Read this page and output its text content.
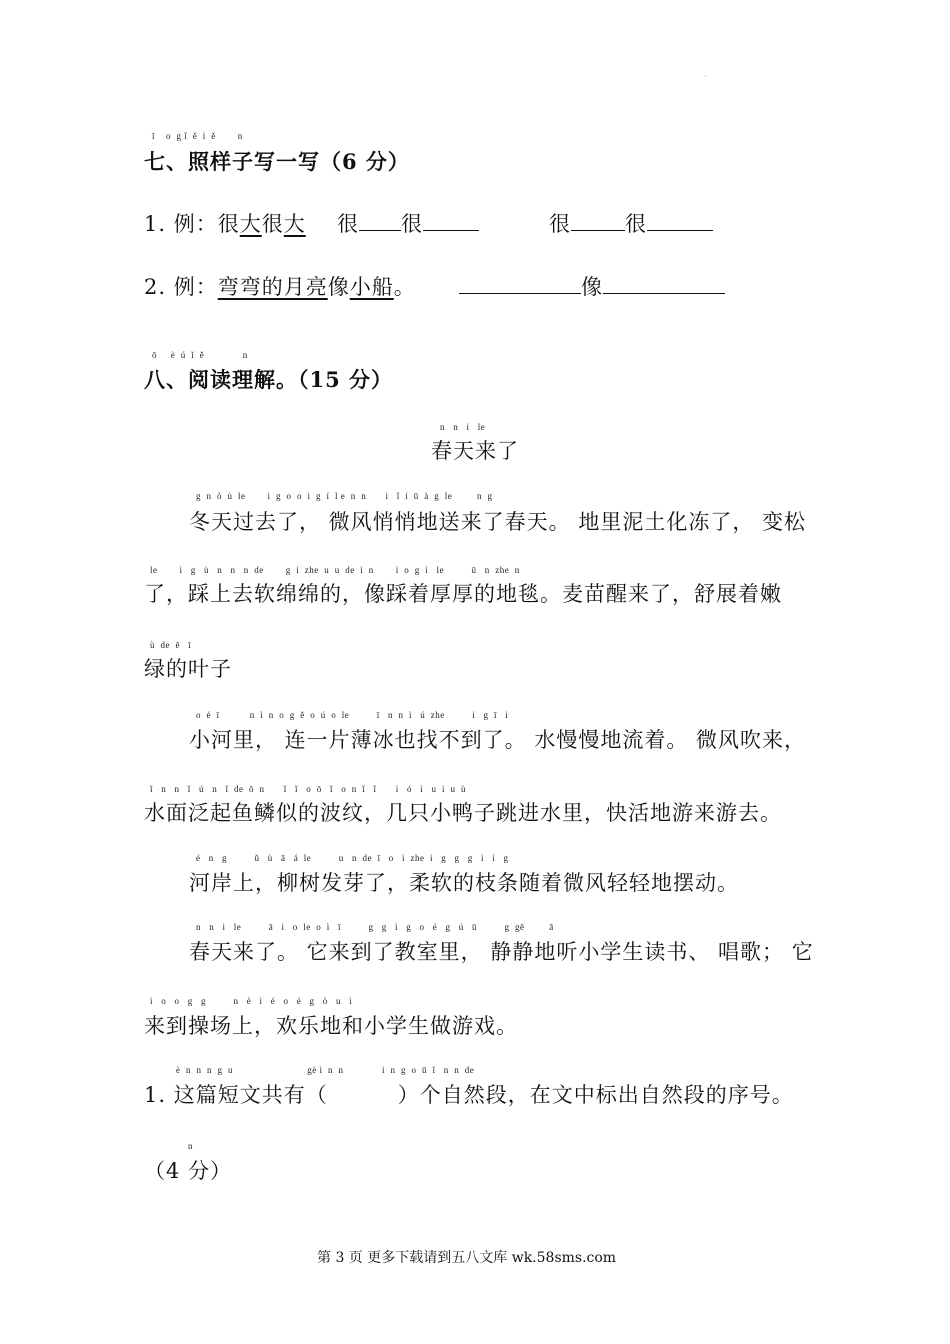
ˇ
ī    o  g ǐ  ě  ì  ě        n
七、照样子写一写（6 分）
1. 例：很大很大 很 很	很	很
2. 例：弯弯的月亮像小船。	像
ō     è  ú  ǐ  ě              n
八、阅读理解。（15 分）
n   n   i   le
春天来了
g  n  ò  ù  le        i  g  o  o  ì  g  í  l e  n  n       ì   ǐ  í  ū  à  g  le         n  g
冬天过去了， 微风悄悄地送来了春天。 地里泥土化冻了， 变松
le        i   g   ù   n   n   n  de        g  i  zhe  u  u  de  ì  n        i  o  g  i   le          ū   n  zhe  n
了，踩上去软绵绵的，像踩着厚厚的地毯。麦苗醒来了，舒展着嫩
ù  de  ē   ī
绿的叶子
o  é  ī           n  ì  n  o  g  ě  o  ú  o  le          ī   n  n  ì   ú  zhe          i   g  ī   i
小河里， 连一片薄冰也找不到了。 水慢慢地流着。 微风吹来，
ǐ   n   n   ǐ   ú   n   ǐ  de  ō  n       ǐ   ǐ   o  ō   ǐ   o  n  ǐ   ǐ       i   ó   ì   u  i  u  ù
水面泛起鱼鳞似的波纹，几只小鸭子跳进水里，快活地游来游去。
é   n   g          ǔ   ù   ā   á  le          u   n  de  ī   o   i  zhe  i   g   g   g   ì   i   g
河岸上，柳树发芽了，柔软的枝条随着微风轻轻地摆动。
n   n   i   le          ā   i   o  le  o  ì   ī          g   g   ì   g   o   é   g   ú   ū          g  gē         ā
春天来了。 它来到了教室里， 静静地听小学生读书、 唱歌； 它
i   o   o   g   g          n   è   ì   é   o   é   g   ò   u   ì
来到操场上，欢乐地和小学生做游戏。
è  n  n  n  g  u                           gè ì  n  n              i  n  g  o  ū  ǐ   n  n  de
1. 这篇短文共有（	）个自然段，在文中标出自然段的序号。
n
（4 分）
第 3 页 更多下载请到五八文库 wk.58sms.com
